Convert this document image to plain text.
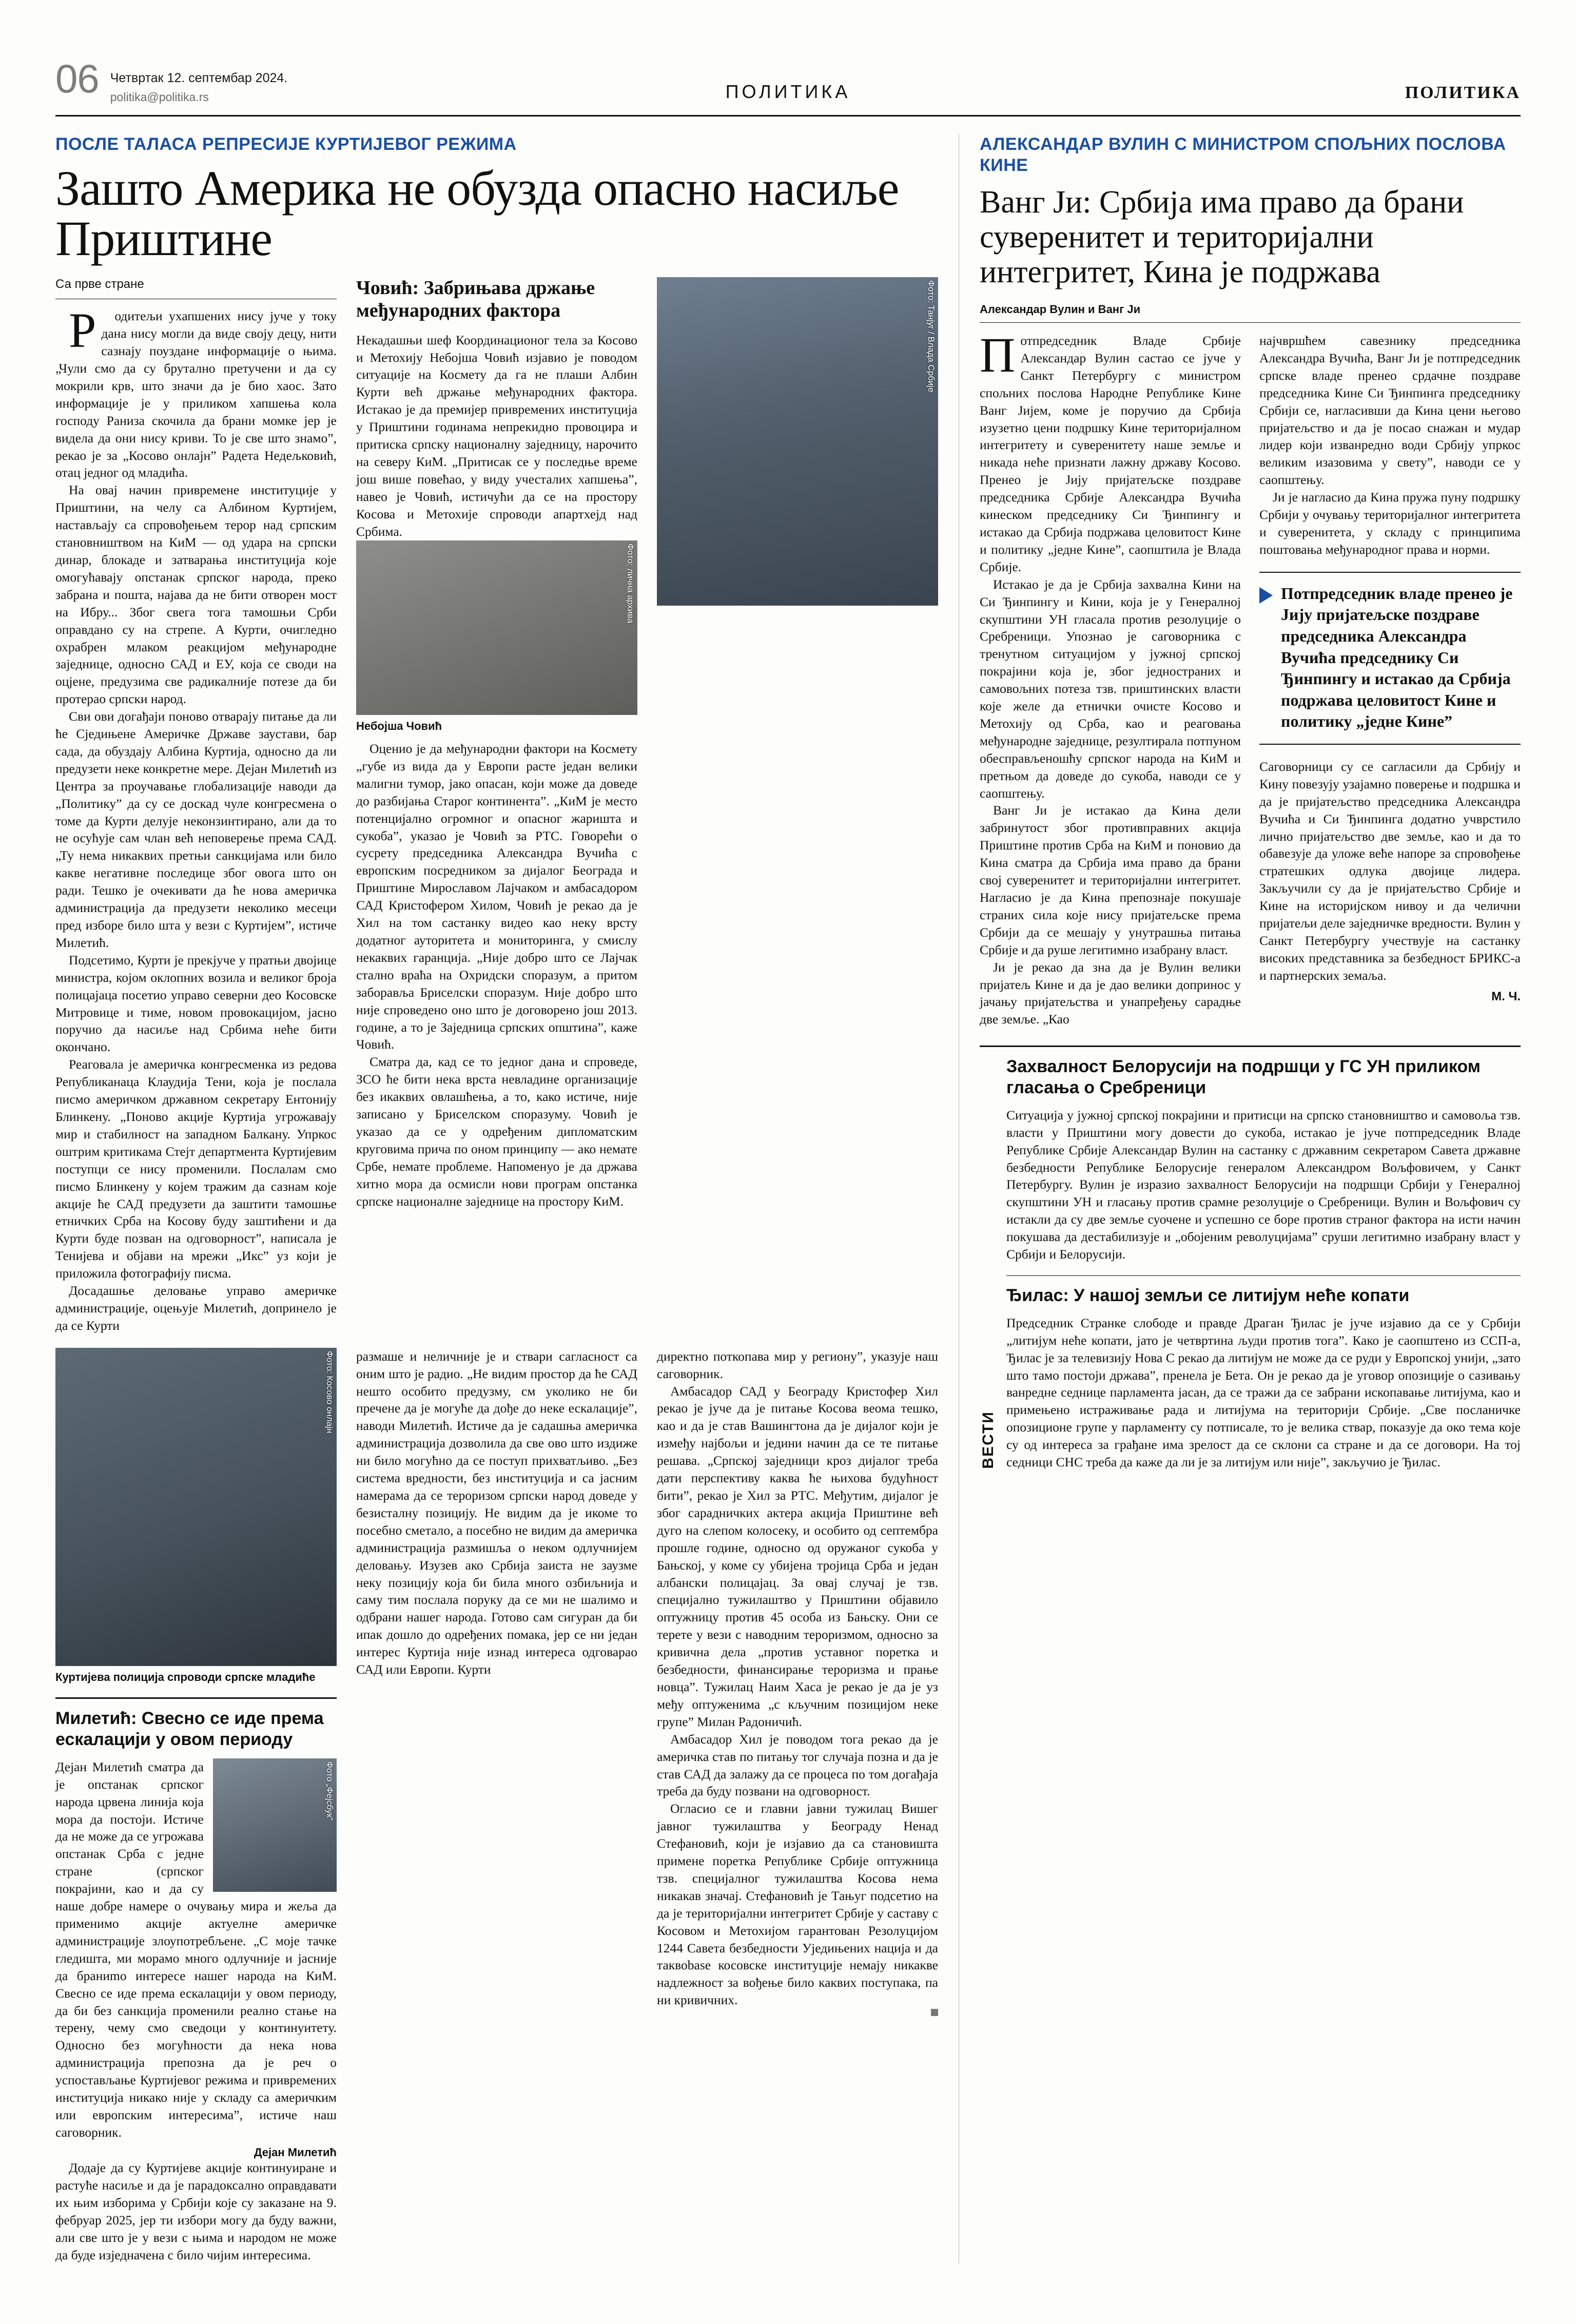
06 Четвртак 12. септембар 2024.
politika@politika.rs	ПОЛИТИКА	ПОЛИТИКА
ПОСЛЕ ТАЛАСА РЕПРЕСИЈЕ КУРТИЈЕВОГ РЕЖИМА
Зашто Америка не обузда опасно насиље Приштине
Са прве стране

Родитељи ухапшених нису јуче у току дана нису могли да виде своју децу, нити сазнају поуздане информације о њима. „Чули смо да су брутално претучени и да су мокрили крв, што значи да је био хаос. Зато информације је у приликом хапшења кола господу Ранизa скочила да брани момке јер је видела да они нису криви. То је све што знамо”, рекао је за „Косово онлајн” Радета Недељковић, отац једног од младића.

На овај начин привремене институције у Приштини, на челу са Албином Куртијем, настављају са спровођењем терор над српским становништвом на КиМ — од удара на српски динар, блокаде и затварања институција које омогућавају опстанак српског народа, преко забрана и пошта, најава да не бити отворен мост на Ибру... Због свега тога тамошњи Срби оправдано су на стрепе. А Курти, очигледно охрабрен млаком реакцијом међународне заједнице, односно САД и ЕУ, која се свoди на оцјене, предузима све радикалније потезе да би протерао српски народ.

Сви ови догађаји поново отварају питање да ли ће Сједињене Америчке Државе заустави, бар сада, да обуздају Албина Куртија, односно да ли предузети неке конкретне мере. Дејан Милетић из Центра за проучавање глобализације наводи да „Политику” да су се доскад чуле конгресмена о томе да Курти делује неконзинтирано, али да то не осућује сам члан већ неповерење према САД. „Ту нема никаквих претњи санкцијама или било какве негативне последице због овога што он ради. Тешко је очекивати да ће нова америчка администрација да предузети неколико месеци пред изборе било шта у вези с Куртијем”, истиче Милетић.

Подсетимо, Курти је прекјуче у пратњи двојице министра, којом оклопних возила и великог броја полицајаца посетио управо северни део Косовске Митровице и тиме, новом провокацијом, јасно поручио да насиље над Србима неће бити окончано.

Реаговала је америчка конгресменка из редова Републиканаца Клаудија Тени, која је послала писмо америчком државном секретару Ентонију Блинкену. „Поново акције Куртија угрожавају мир и стабилност на западном Балкану. Упркос оштрим критикама Стејт департмента Куртијевим поступци се нису променили. Послалам смо писмо Блинкену у којем тражим да сазнам које акције ће САД предузети да заштити тамошње етничких Срба на Косову буду заштићени и да Курти буде позван на одговорност”, написала је Тенијева и објави на мрежи „Икс” уз који је приложила фотографију писма.

Досадашње деловање управо америчке администрације, оцењује Милетић, допринело је да се Курти

Човић: Забрињава држање међународних фактора

Некадашњи шеф Координационог тела за Косово и Метохију Небојша Човић изјавио је поводом ситуације на Космету да га не плаши Албин Курти већ држање међународних фактора. Истакао је да премијер привремених институција у Приштини годинама непрекидно провоцира и притиска српску националну заједницу, нарочито на северу КиМ. „Притисак се у последње време још више повећао, у виду учесталих хапшења”, навео је Човић, истичући да се на простору Косова и Метохије спроводи апартхејд над Србима.

Фото: лична архива
Небојша Човић

Оценио је да међународни фактори на Космету „губе из вида да у Европи расте један велики малигни тумор, јако опасан, који може да доведе до разбијања Старог континента”. „КиМ је место потенцијално огромног и опасног жаришта и сукоба”, указао је Човић за РТС. Говорећи о сусрету председника Александра Вучића с европским посредником за дијалог Београда и Приштине Мирославом Лајчаком и амбасадором САД Кристофером Хилом, Човић је рекао да је Хил на том састанку видео као неку врсту додатног ауторитета и мониторинга, у смислу некаквих гаранција. „Није добро што се Лајчак стално враћа на Охридски споразум, а притом заборавља Брисeлски споразум. Није добро што није спроведено оно што је договорено још 2013. године, а то је Заједница српских општина”, каже Човић.

Сматра да, кад се то једног дана и спроведе, ЗСО ће бити нека врста невладине организације без икаквих овлашћења, а то, како истиче, није записано у Бриселском споразуму. Човић је указао да се у одређеним дипломатским круговима прича по оном принципу — ако немате Србе, немате проблеме. Напоменуо је да држава хитно мора да осмисли нови програм опстанка српске националне заједнице на простору КиМ.

Фото: Танјуг / Влада Србије
Фото: Косово онлајн
Куртијева полиција спроводи српске младиће
Милетић: Свесно се иде према ескалацији у овом периоду
Фото „Фејсбук”

Дејан Милетић сматра да је опстанак српског народа црвена линија која мора да постоји. Истиче да не може да се угрожава опстанак Срба с једне стране (српског покрајини, као и да су наше добре намере о очувању мира и жеља да применимо акције актуелне америчке администрације злоупотребљене. „С моје тачке гледишта, ми морамо много одлучније и јасније да браниmo интересе нашег народа на КиМ. Свесно се иде према ескалацији у овом периоду, да би без санкција променили реално стање на терену, чему смо сведоци у континуитету. Односно без могућности да нека нова администрација препозна да је реч о успостављање Куртијевог режима и привремених институција никако није у складу са америчким или европским интересима”, истиче наш саговорник.

Дејан Милетић

Додаје да су Куртијеве акције континуиране и растуће насиље и да је парадоксално оправдавати их њим изборима у Србији које су заказане на 9. фебруар 2025, јер ти избори могу да буду важни, али све што је у вези с њима и народом не може да буде изједначена с било чијим интересима.

размаше и неличније је и ствари сагласност са оним што је радио. „Не видим простор да ће САД нешто особито предузму, см уколико не би пречене да је могуће да дође до неке ескалације”, наводи Милетић. Истиче да је садашња америчка администрација дозволила да све ово што издиже ни било могућно да се поступ прихватљиво. „Без система вредности, без институција и са јасним намерама да се тероризом српски народ доведе у безисталну позицију. Не видим да је икоме то посебно сметало, а посебно не видим да америчка администрација размишља о неком одлучнијем деловању. Изузев ако Србија заиста не заузме неку позицију која би била много озбиљнија и саму тим послала поруку да се ми не шалимо и одбрани нашег народа. Готово сам сигуран да би ипак дошло до одређених помака, јер се ни један интерес Куртија није изнад интереса одговарао САД или Европи. Курти

директно поткопава мир у региону”, указује наш саговорник.

Амбасадор САД у Београду Кристофер Хил рекао је јуче да је питање Косова веома тешко, као и да је став Вашингтона да је дијалог који је између најбољи и једини начин да се те питање решава. „Српској заједници кроз дијалог треба дати перспективу каква ће њихова будућност бити”, рекао је Хил за РТС. Међутим, дијалог је због сарадничких актера акција Приштине већ дуго на слепом колосеку, и особито од септембра прошле године, односно од оружаног сукоба у Бањској, у коме су убијена тројица Срба и један албански полицајац. За овај случај је тзв. специјално тужилаштво у Приштини објавило оптужницу против 45 особа из Бањску. Они се терете у вези с наводним тероризмом, односно за кривична дела „против уставног поретка и безбедности, финансирање тероризма и прање новца”. Тужилац Наим Хаса је рекао је да је уз међу оптуженима „с кључним позицијом неке групе” Милан Радоничић.

Амбасадор Хил је поводом тога рекао да је америчка став по питању тог случаја позна и да је став САД да залажу да се процеса по том догађаја треба да буду позвани на одговорност.

Огласио се и главни јавни тужилац Вишег јавног тужилаштва у Београду Ненад Стефановић, који је изјавио да са становишта примене поретка Републике Србије оптужница тзв. специјалног тужилаштва Косова нема никакав значај. Стефановић је Тањуг подсетио на да је територијални интегритет Србије у саставу с Косовом и Метохијом гарантован Резолуцијом 1244 Савета безбедности Уједињених нација и да таквоbase косовске институције немају никакве надлежност за вођење било каквих поступака, па ни кривичних.

АЛЕКСАНДАР ВУЛИН С МИНИСТРОМ СПОЉНИХ ПОСЛОВА КИНЕ
Ванг Ји: Србија има право да брани суверенитет и територијални интегритет, Кина је подржава
Александар Вулин и Ванг Ји

Потпредседник Владе Србије Александар Вулин састао се јуче у Санкт Петербургу с министром спољних послова Народне Републике Кине Ванг Јијем, коме је поручио да Србија изузетно цени подршку Кине територијалном интегритету и суверенитету наше земље и никада неће признати лажну државу Косово. Пренео је Јију пријатељске поздраве председника Србије Александра Вучића кинеском председнику Си Ђинпингу и истакао да Србија подржава целовитост Кине и политику „једне Кине”, саопштила је Влада Србије.

Истакао је да је Србија захвална Кини на Си Ђинпингу и Кини, која је у Генералној скупштини УН гласала против резолуције о Сребреници. Упознао је саговорника с тренутном ситуацијом у јужној српској покрајини која је, због једнострaних и самовољних потеза тзв. приштинских власти које желе да етнички очисте Косово и Метохију од Срба, као и реаговања међународне заједнице, резултирала потпуном обесправљеношћу српског народа на КиМ и претњом да доведе до сукоба, наводи се у саопштењу.

Ванг Ји је истакао да Кина дели забринутост због противправних акција Приштине против Срба на КиМ и поновио да Кина сматра да Србија има право да брани свој суверенитет и територијални интегритет. Нагласио је да Кина препознаје покушаје страних сила које нису пријатељске према Србији да се мешају у унутрашња питања Србије и да руше легитимно изабрану власт.

Ји је рекао да зна да је Вулин велики пријатељ Кине и да је дао велики допринос у јачању пријатељства и унапређењу сарадње две земље. „Као

најчвршћем савезнику председника Александра Вучића, Ванг Ји је потпредседник српске владе пренео срдачне поздраве председника Кине Си Ђинпинга председнику Србији се, нагласивши да Кина цени његово пријатељство и да је посао снажан и мудар лидер који изванредно води Србију упркос великим изазовима у свету”, наводи се у саопштењу.

Ји је нагласио да Кина пружа пуну подршку Србији у очувању територијалног интегритета и суверенитета, у складу с принципима поштовања међународног права и норми.

Потпредседник владе пренео је Јију пријатељске поздраве председника Александра Вучића председнику Си Ђинпингу и истакао да Србија подржава целовитост Кине и политику „једне Кине”

Саговорници су се сагласили да Србију и Кину повезују узајамно поверење и подршка и да је пријатељство председника Александра Вучића и Си Ђинпинга додатно учврстило лично пријатељство две земље, као и да то обавезује да уложе веће напоре за спровођење стратешких одлука двојице лидера. Закључили су да је пријатељство Србије и Кине на историјском нивоу и да челични пријатељи деле заједничке вредности. Вулин у Санкт Петербургу учествује на састанку високих представника за безбедност БРИКС-а и партнерских земаља.

М. Ч.
ВЕСТИ
Захвалност Белорусији на подршци у ГС УН приликом гласања о Сребреници

Ситуација у јужној српској покрајини и притисци на српско становништво и самовоља тзв. власти у Приштини могу довести до сукоба, истакао је јуче потпредседник Владе Републике Србије Александар Вулин на састанку с државним секретаром Савета државне безбедности Републике Белорусије генералом Александром Вољфовичем, у Санкт Петербургу. Вулин је изразио захвалност Белорусији на подршци Србији у Генералној скупштини УН и гласању против срамне резолуције о Сребреници. Вулин и Вољфович су истакли да су две земље суочене и успешно се боре против страног фактора на исти начин покушава да дестабилизује и „обојеним револуцијама” сруши легитимно изабрану власт у Србији и Белорусији.

Ђилас: У нашој земљи се литијум неће копати

Председник Странке слободе и правде Драган Ђилас је јуче изјавио да се у Србији „литијум неће копати, јато је четвртина људи против тога”. Како је саопштено из ССП-а, Ђилас је за телевизију Нова С рекао да литијум не може да се руди у Европској унији, „зато што тамо постоји држава”, пренела је Бета. Он је рекао да је уговор опозиције о сазивању ванредне седнице парламента јасан, да се тражи да се забрани ископавање литијума, као и примењено истраживање рада и литијума на територији Србије. „Све посланичке опозиционе групе у парламенту су потписале, то је велика ствар, показује да око тема које су од интереса за грађане има зрелост да се склони са стране и да се договори. На тој седници СНС треба да каже да ли је за литијум или није”, закључио је Ђилас.
